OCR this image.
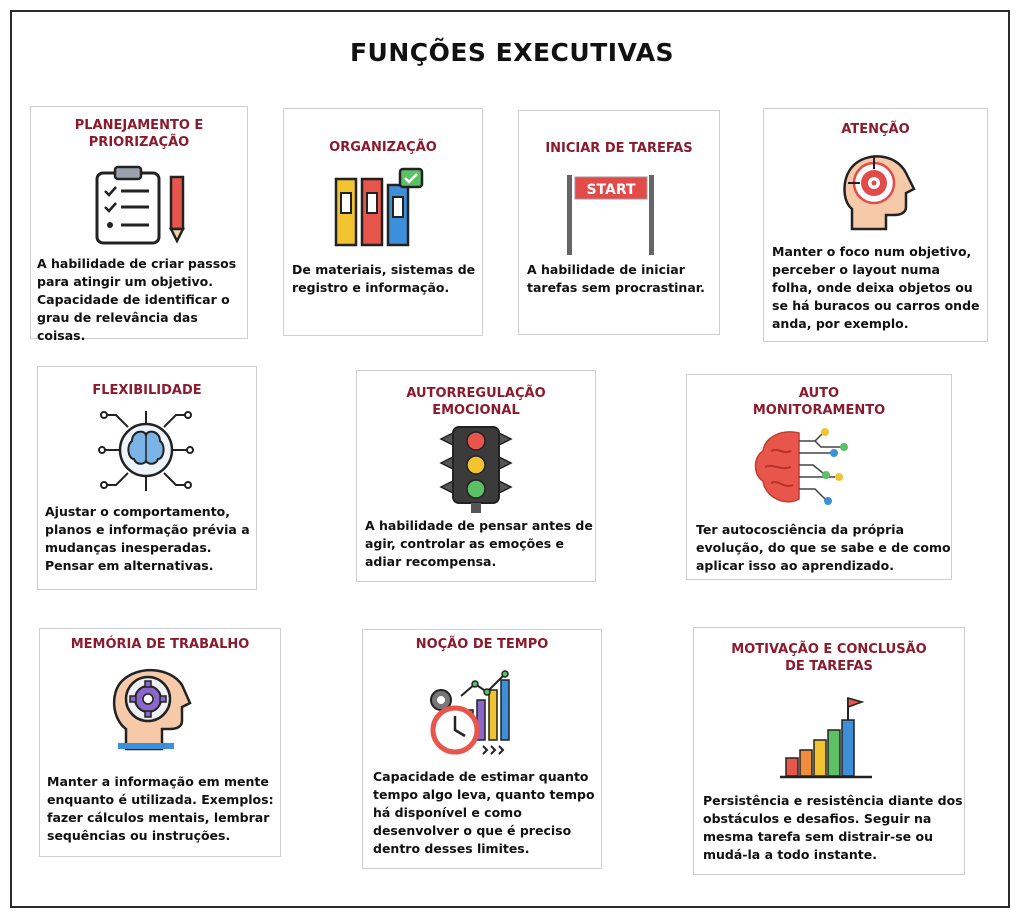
FUNÇÕES EXECUTIVAS
PLANEJAMENTO E
PRIORIZAÇÃO
A habilidade de criar passos
para atingir um objetivo.
Capacidade de identificar o
grau de relevância das coisas.
ORGANIZAÇÃO
De materiais, sistemas de
registro e informação.
INICIAR DE TAREFAS
START
A habilidade de iniciar
tarefas sem procrastinar.
ATENÇÃO
Manter o foco num objetivo,
perceber o layout numa
folha, onde deixa objetos ou
se há buracos ou carros onde
anda, por exemplo.
FLEXIBILIDADE
Ajustar o comportamento,
planos e informação prévia a
mudanças inesperadas.
Pensar em alternativas.
AUTORREGULAÇÃO
EMOCIONAL
A habilidade de pensar antes de
agir, controlar as emoções e
adiar recompensa.
AUTO
MONITORAMENTO
Ter autocosciência da própria
evolução, do que se sabe e de como
aplicar isso ao aprendizado.
MEMÓRIA DE TRABALHO
Manter a informação em mente
enquanto é utilizada. Exemplos:
fazer cálculos mentais, lembrar
sequências ou instruções.
NOÇÃO DE TEMPO
Capacidade de estimar quanto
tempo algo leva, quanto tempo
há disponível e como
desenvolver o que é preciso
dentro desses limites.
MOTIVAÇÃO E CONCLUSÃO
DE TAREFAS
Persistência e resistência diante dos
obstáculos e desafios. Seguir na
mesma tarefa sem distrair-se ou
mudá-la a todo instante.
